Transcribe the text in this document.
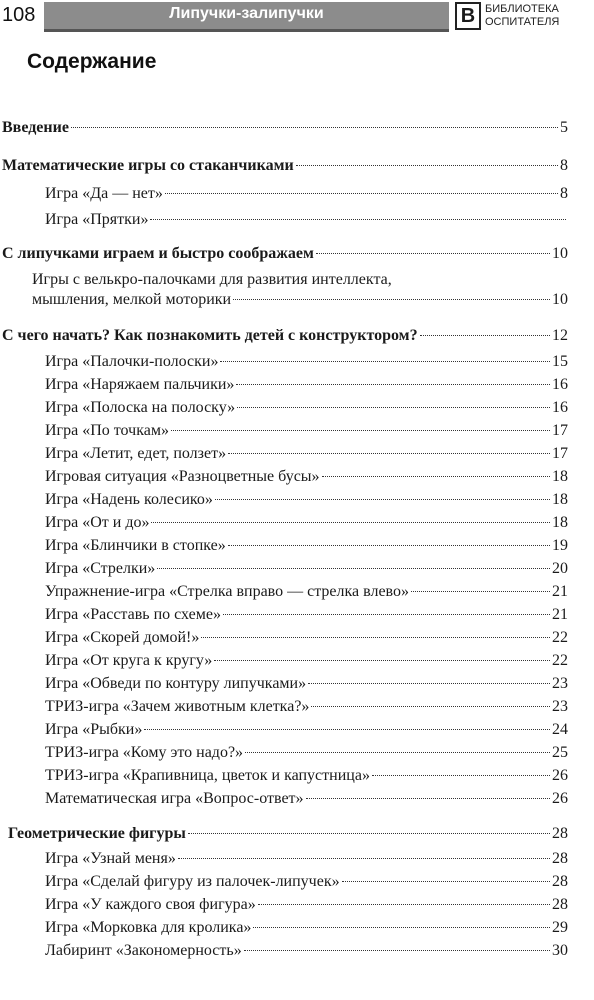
108	Липучки-залипучки	В БИБЛИОТЕКА
ОСПИТАТЕЛЯ
Содержание
Введение	5
Математические игры со стаканчиками	8
Игра «Да — нет»	8
Игра «Прятки»
С липучками играем и быстро соображаем	10
Игры с велькро-палочками для развития интеллекта,
мышления, мелкой моторики	10
С чего начать? Как познакомить детей с конструктором?	12
Игра «Палочки-полоски»	15
Игра «Наряжаем пальчики»	16
Игра «Полоска на полоску»	16
Игра «По точкам»	17
Игра «Летит, едет, ползет»	17
Игровая ситуация «Разноцветные бусы»	18
Игра «Надень колесико»	18
Игра «От и до»	18
Игра «Блинчики в стопке»	19
Игра «Стрелки»	20
Упражнение-игра «Стрелка вправо — стрелка влево»	21
Игра «Расставь по схеме»	21
Игра «Скорей домой!»	22
Игра «От круга к кругу»	22
Игра «Обведи по контуру липучками»	23
ТРИЗ-игра «Зачем животным клетка?»	23
Игра «Рыбки»	24
ТРИЗ-игра «Кому это надо?»	25
ТРИЗ-игра «Крапивница, цветок и капустница»	26
Математическая игра «Вопрос-ответ»	26
Геометрические фигуры	28
Игра «Узнай меня»	28
Игра «Сделай фигуру из палочек-липучек»	28
Игра «У каждого своя фигура»	28
Игра «Морковка для кролика»	29
Лабиринт «Закономерность»	30
